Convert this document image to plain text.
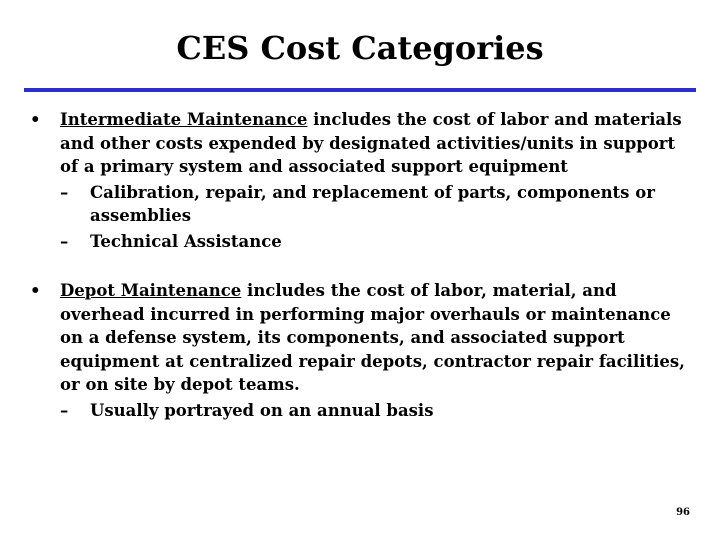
CES Cost Categories
• Intermediate Maintenance includes the cost of labor and materials and other costs expended by designated activities/units in support of a primary system and associated support equipment
– Calibration, repair, and replacement of parts, components or assemblies
– Technical Assistance
• Depot Maintenance includes the cost of labor, material, and overhead incurred in performing major overhauls or maintenance on a defense system, its components, and associated support equipment at centralized repair depots, contractor repair facilities, or on site by depot teams.
– Usually portrayed on an annual basis
96
